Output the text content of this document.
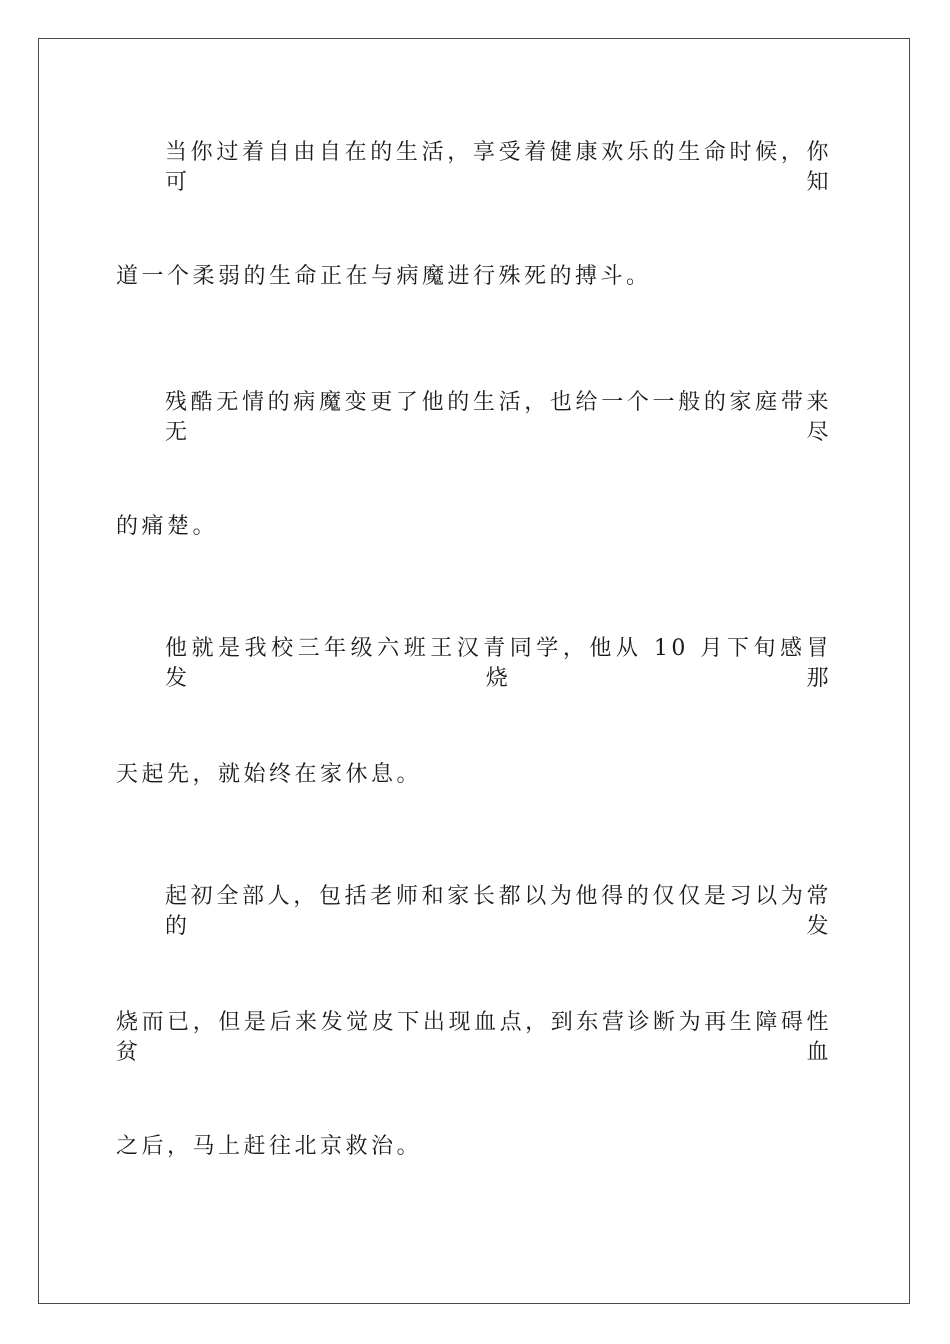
当你过着自由自在的生活，享受着健康欢乐的生命时候，你可知
道一个柔弱的生命正在与病魔进行殊死的搏斗。
残酷无情的病魔变更了他的生活，也给一个一般的家庭带来无尽
的痛楚。
他就是我校三年级六班王汉青同学，他从 10 月下旬感冒发烧那
天起先，就始终在家休息。
起初全部人，包括老师和家长都以为他得的仅仅是习以为常的发
烧而已，但是后来发觉皮下出现血点，到东营诊断为再生障碍性贫血
之后，马上赶往北京救治。
